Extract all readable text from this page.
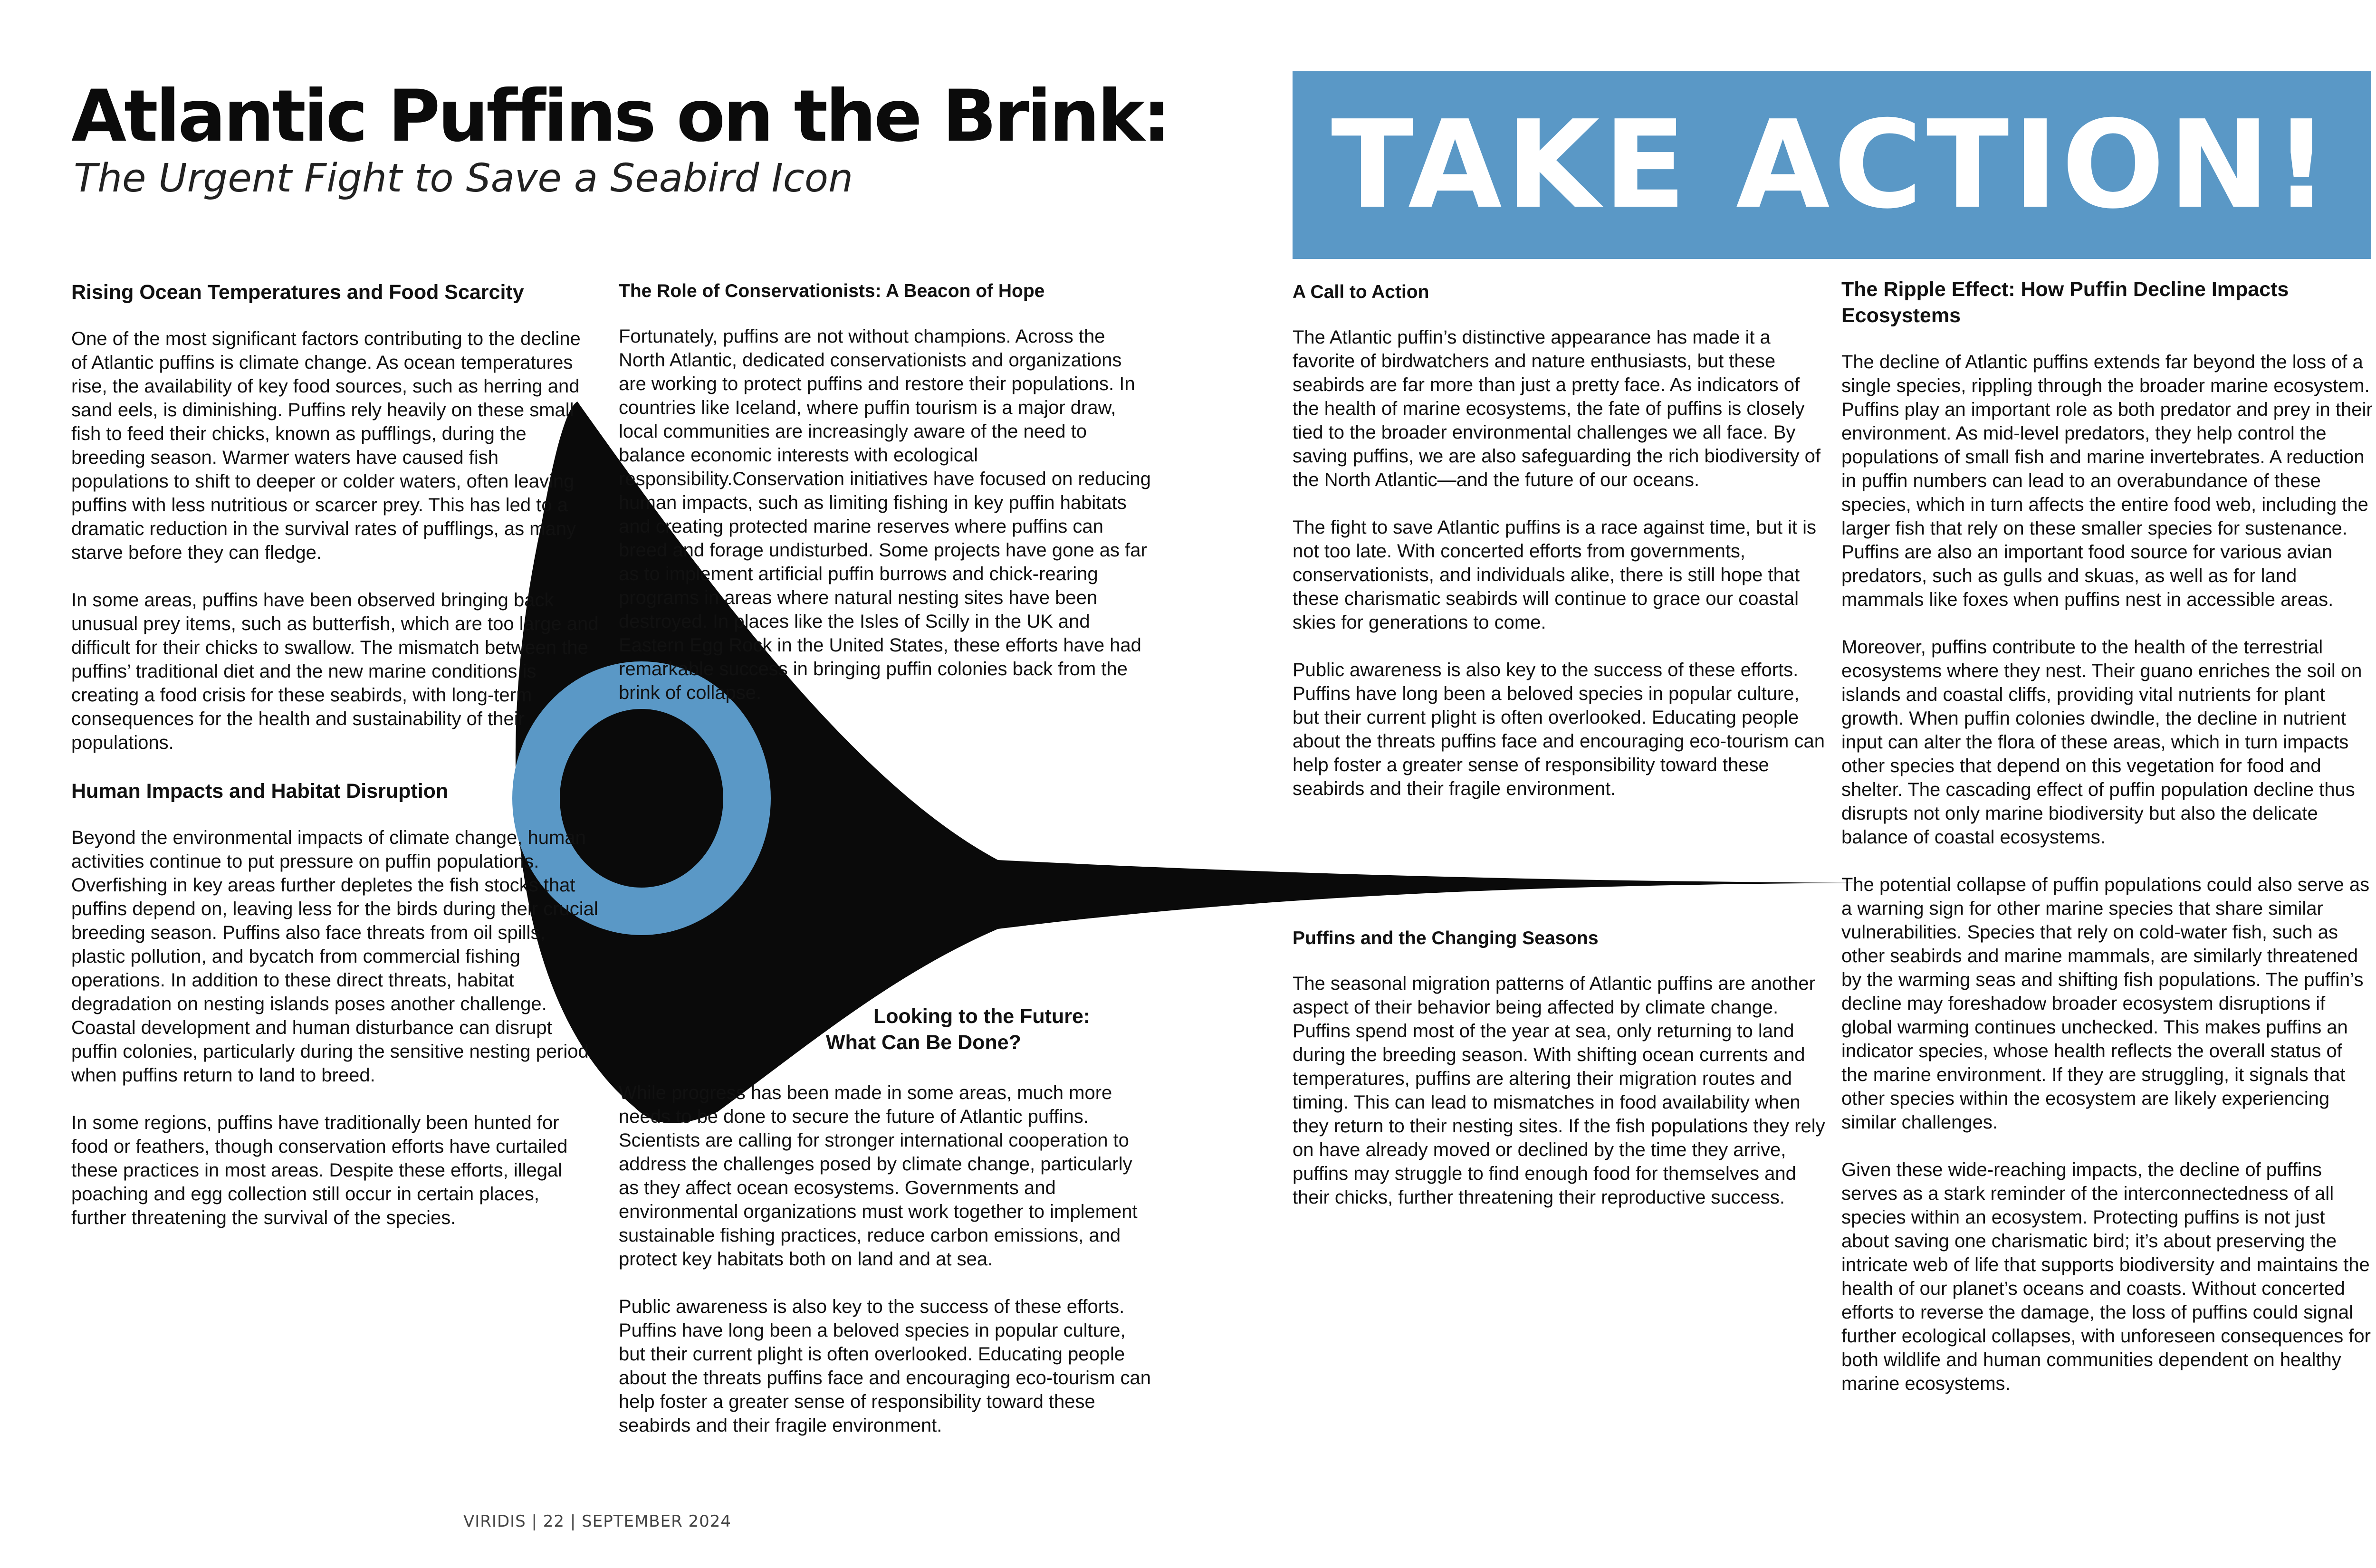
Atlantic Puffins on the Brink:
The Urgent Fight to Save a Seabird Icon	TAKE ACTION!
Rising Ocean Temperatures and Food Scarcity

One of the most significant factors contributing to the decline of Atlantic puffins is climate change. As ocean temperatures rise, the availability of key food sources, such as herring and sand eels, is diminishing. Puffins rely heavily on these small fish to feed their chicks, known as pufflings, during the breeding season. Warmer waters have caused fish populations to shift to deeper or colder waters, often leaving puffins with less nutritious or scarcer prey. This has led to a dramatic reduction in the survival rates of pufflings, as many starve before they can fledge.

In some areas, puffins have been observed bringing back unusual prey items, such as butterfish, which are too large and difficult for their chicks to swallow. The mismatch between the puffins’ traditional diet and the new marine conditions is creating a food crisis for these seabirds, with long-term consequences for the health and sustainability of their populations.

Human Impacts and Habitat Disruption

Beyond the environmental impacts of climate change, human activities continue to put pressure on puffin populations. Overfishing in key areas further depletes the fish stocks that puffins depend on, leaving less for the birds during their crucial breeding season. Puffins also face threats from oil spills, plastic pollution, and bycatch from commercial fishing operations. In addition to these direct threats, habitat degradation on nesting islands poses another challenge. Coastal development and human disturbance can disrupt puffin colonies, particularly during the sensitive nesting period when puffins return to land to breed.

In some regions, puffins have traditionally been hunted for food or feathers, though conservation efforts have curtailed these practices in most areas. Despite these efforts, illegal poaching and egg collection still occur in certain places, further threatening the survival of the species.

The Role of Conservationists: A Beacon of Hope

Fortunately, puffins are not without champions. Across the North Atlantic, dedicated conservationists and organizations are working to protect puffins and restore their populations. In countries like Iceland, where puffin tourism is a major draw, local communities are increasingly aware of the need to balance economic interests with ecological responsibility.Conservation initiatives have focused on reducing human impacts, such as limiting fishing in key puffin habitats and creating protected marine reserves where puffins can breed and forage undisturbed. Some projects have gone as far as to implement artificial puffin burrows and chick-rearing programs in areas where natural nesting sites have been destroyed. In places like the Isles of Scilly in the UK and Eastern Egg Rock in the United States, these efforts have had remarkable success in bringing puffin colonies back from the brink of collapse.

Looking to the Future:
What Can Be Done?

While progress has been made in some areas, much more needs to be done to secure the future of Atlantic puffins. Scientists are calling for stronger international cooperation to address the challenges posed by climate change, particularly as they affect ocean ecosystems. Governments and environmental organizations must work together to implement sustainable fishing practices, reduce carbon emissions, and protect key habitats both on land and at sea.

Public awareness is also key to the success of these efforts. Puffins have long been a beloved species in popular culture, but their current plight is often overlooked. Educating people about the threats puffins face and encouraging eco-tourism can help foster a greater sense of responsibility toward these seabirds and their fragile environment.

A Call to Action

The Atlantic puffin’s distinctive appearance has made it a favorite of birdwatchers and nature enthusiasts, but these seabirds are far more than just a pretty face. As indicators of the health of marine ecosystems, the fate of puffins is closely tied to the broader environmental challenges we all face. By saving puffins, we are also safeguarding the rich biodiversity of the North Atlantic—and the future of our oceans.

The fight to save Atlantic puffins is a race against time, but it is not too late. With concerted efforts from governments, conservationists, and individuals alike, there is still hope that these charismatic seabirds will continue to grace our coastal skies for generations to come.

Public awareness is also key to the success of these efforts. Puffins have long been a beloved species in popular culture, but their current plight is often overlooked. Educating people about the threats puffins face and encouraging eco-tourism can help foster a greater sense of responsibility toward these seabirds and their fragile environment.

Puffins and the Changing Seasons

The seasonal migration patterns of Atlantic puffins are another aspect of their behavior being affected by climate change. Puffins spend most of the year at sea, only returning to land during the breeding season. With shifting ocean currents and temperatures, puffins are altering their migration routes and timing. This can lead to mismatches in food availability when they return to their nesting sites. If the fish populations they rely on have already moved or declined by the time they arrive, puffins may struggle to find enough food for themselves and their chicks, further threatening their reproductive success.

The Ripple Effect: How Puffin Decline Impacts Ecosystems

The decline of Atlantic puffins extends far beyond the loss of a single species, rippling through the broader marine ecosystem. Puffins play an important role as both predator and prey in their environment. As mid-level predators, they help control the populations of small fish and marine invertebrates. A reduction in puffin numbers can lead to an overabundance of these species, which in turn affects the entire food web, including the larger fish that rely on these smaller species for sustenance. Puffins are also an important food source for various avian predators, such as gulls and skuas, as well as for land mammals like foxes when puffins nest in accessible areas.

Moreover, puffins contribute to the health of the terrestrial ecosystems where they nest. Their guano enriches the soil on islands and coastal cliffs, providing vital nutrients for plant growth. When puffin colonies dwindle, the decline in nutrient input can alter the flora of these areas, which in turn impacts other species that depend on this vegetation for food and shelter. The cascading effect of puffin population decline thus disrupts not only marine biodiversity but also the delicate balance of coastal ecosystems.

The potential collapse of puffin populations could also serve as a warning sign for other marine species that share similar vulnerabilities. Species that rely on cold-water fish, such as other seabirds and marine mammals, are similarly threatened by the warming seas and shifting fish populations. The puffin’s decline may foreshadow broader ecosystem disruptions if global warming continues unchecked. This makes puffins an indicator species, whose health reflects the overall status of the marine environment. If they are struggling, it signals that other species within the ecosystem are likely experiencing similar challenges.

Given these wide-reaching impacts, the decline of puffins serves as a stark reminder of the interconnectedness of all species within an ecosystem. Protecting puffins is not just about saving one charismatic bird; it’s about preserving the intricate web of life that supports biodiversity and maintains the health of our planet’s oceans and coasts. Without concerted efforts to reverse the damage, the loss of puffins could signal further ecological collapses, with unforeseen consequences for both wildlife and human communities dependent on healthy marine ecosystems.

VIRIDIS | 22 | SEPTEMBER 2024
